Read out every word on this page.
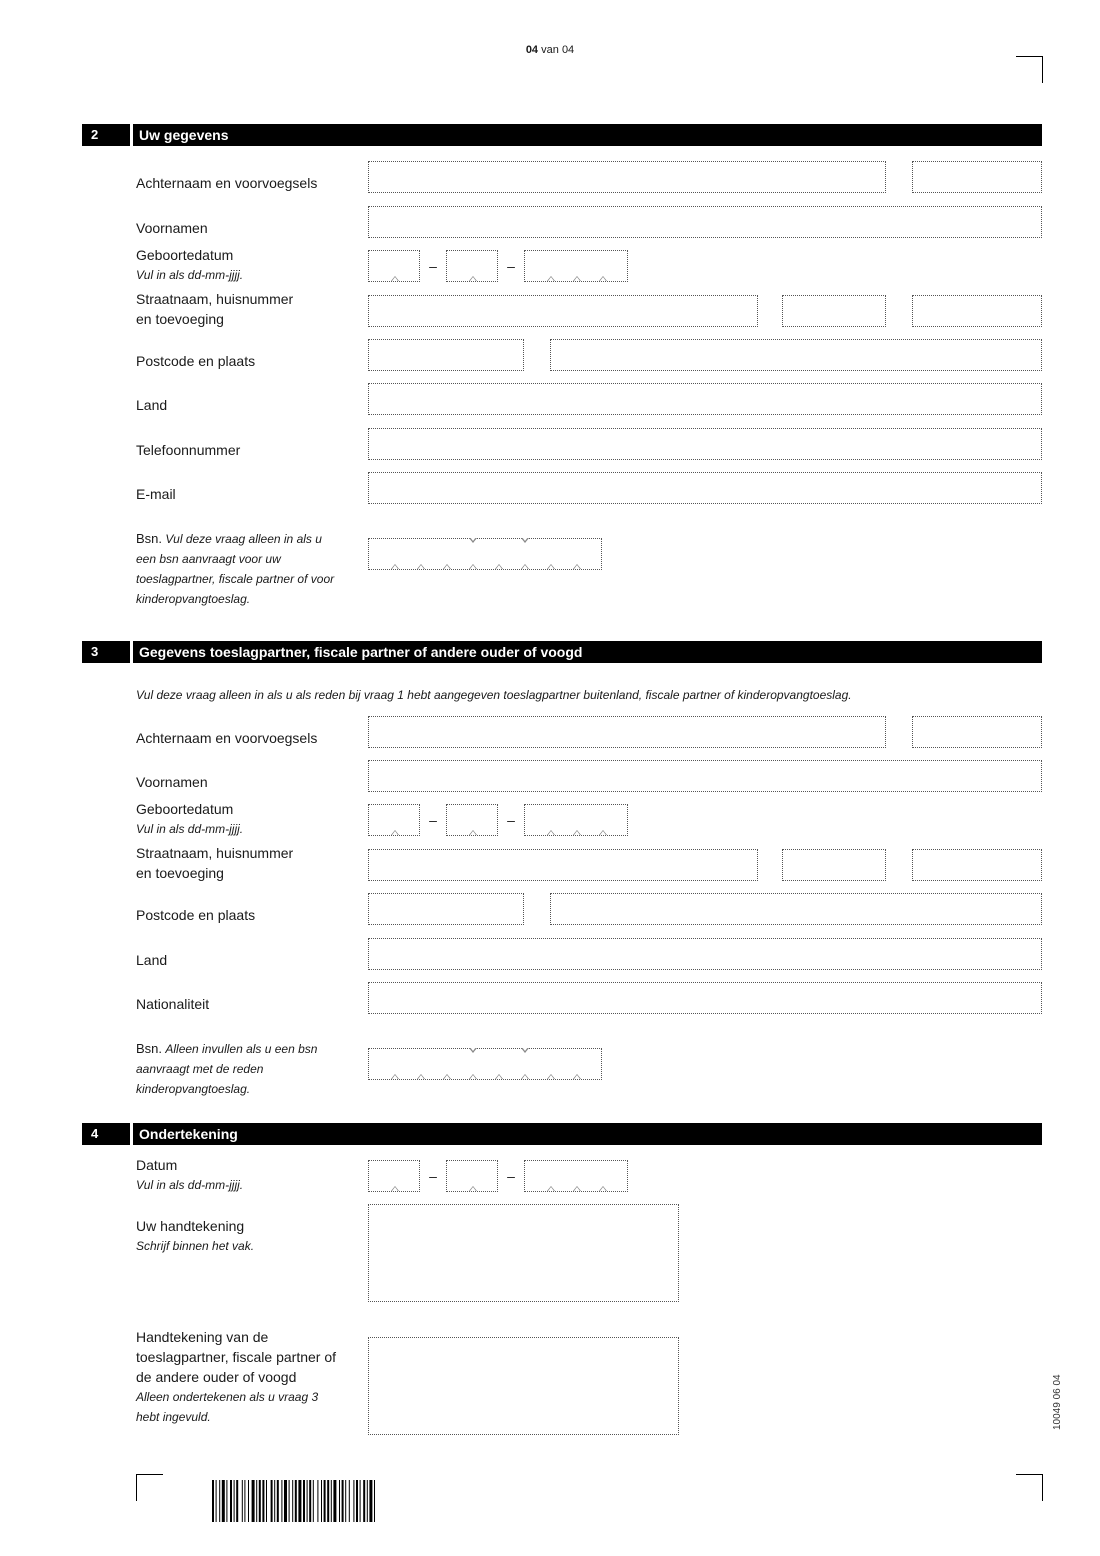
04 van 04
2	Uw gegevens
Achternaam en voorvoegsels
Voornamen
Geboortedatum
Vul in als dd-mm-jjjj.
–	–
Straatnaam, huisnummer
en toevoeging
Postcode en plaats
Land
Telefoonnummer
E-mail
Bsn. Vul deze vraag alleen in als u een bsn aanvraagt voor uw toeslagpartner, fiscale partner of voor kinderopvangtoeslag.
3	Gegevens toeslagpartner, fiscale partner of andere ouder of voogd
Vul deze vraag alleen in als u als reden bij vraag 1 hebt aangegeven toeslagpartner buitenland, fiscale partner of kinderopvangtoeslag.
Achternaam en voorvoegsels
Voornamen
Geboortedatum
Vul in als dd-mm-jjjj.
–	–
Straatnaam, huisnummer
en toevoeging
Postcode en plaats
Land
Nationaliteit
Bsn. Alleen invullen als u een bsn aanvraagt met de reden kinderopvangtoeslag.
4	Ondertekening
Datum
Vul in als dd-mm-jjjj.
–	–
Uw handtekening
Schrijf binnen het vak.
Handtekening van de toeslagpartner, fiscale partner of de andere ouder of voogd
Alleen ondertekenen als u vraag 3 hebt ingevuld.	10049 06 04
